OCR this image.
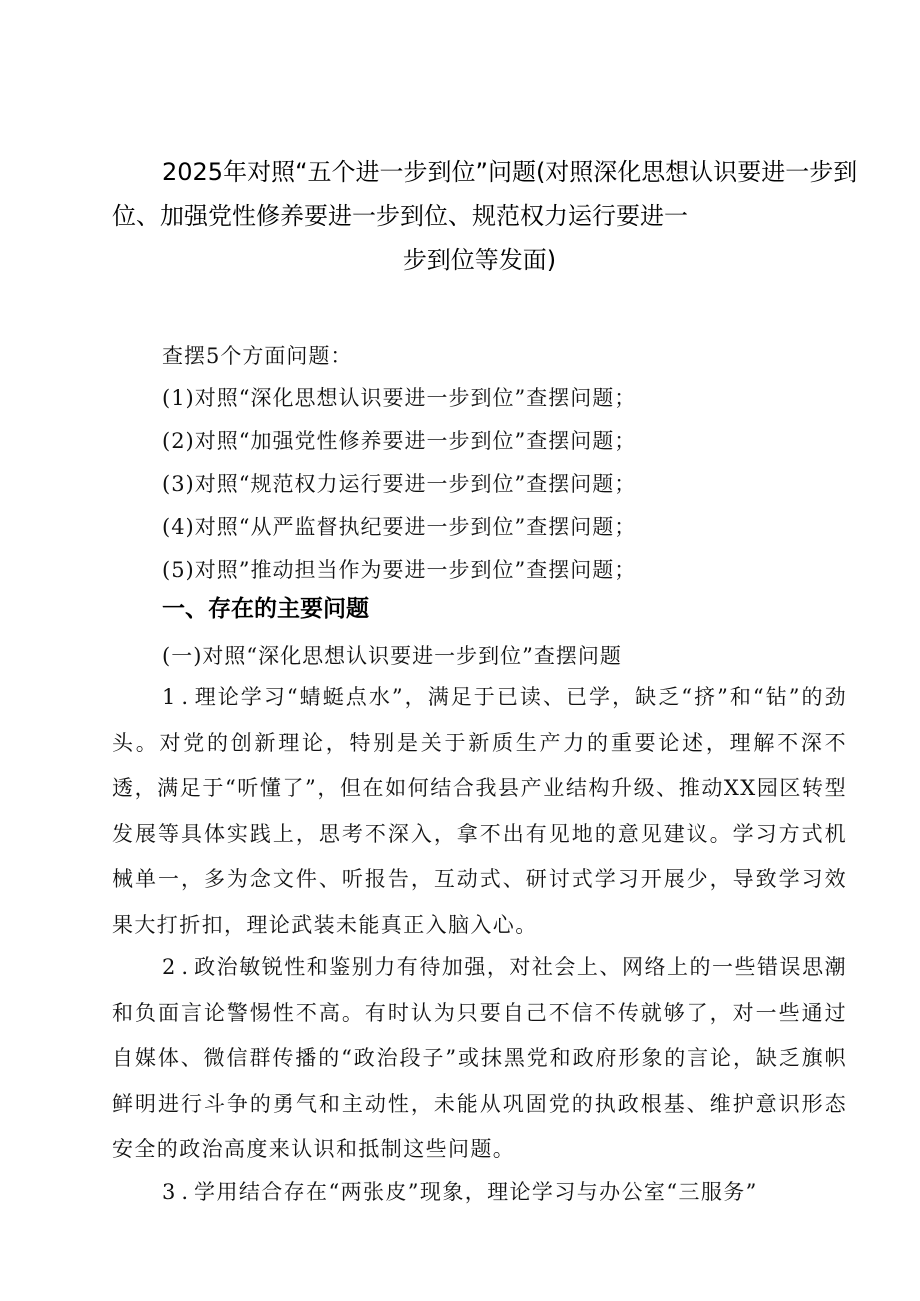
2025年对照“五个进一步到位”问题(对照深化思想认识要进一步到
位、加强党性修养要进一步到位、规范权力运行要进一
步到位等发面)
查摆5个方面问题：
(1)对照“深化思想认识要进一步到位”查摆问题；
(2)对照“加强党性修养要进一步到位”查摆问题；
(3)对照“规范权力运行要进一步到位”查摆问题；
(4)对照“从严监督执纪要进一步到位”查摆问题；
(5)对照”推动担当作为要进一步到位”查摆问题；
一、存在的主要问题
(一)对照“深化思想认识要进一步到位”查摆问题
1.理论学习“蜻蜓点水”，满足于已读、已学，缺乏“挤”和“钻”的劲头。对党的创新理论，特别是关于新质生产力的重要论述，理解不深不透，满足于“听懂了”，但在如何结合我县产业结构升级、推动XX园区转型发展等具体实践上，思考不深入，拿不出有见地的意见建议。学习方式机械单一，多为念文件、听报告，互动式、研讨式学习开展少，导致学习效果大打折扣，理论武装未能真正入脑入心。
2.政治敏锐性和鉴别力有待加强，对社会上、网络上的一些错误思潮和负面言论警惕性不高。有时认为只要自己不信不传就够了，对一些通过自媒体、微信群传播的“政治段子”或抹黑党和政府形象的言论，缺乏旗帜鲜明进行斗争的勇气和主动性，未能从巩固党的执政根基、维护意识形态安全的政治高度来认识和抵制这些问题。
3.学用结合存在“两张皮”现象，理论学习与办公室“三服务”
